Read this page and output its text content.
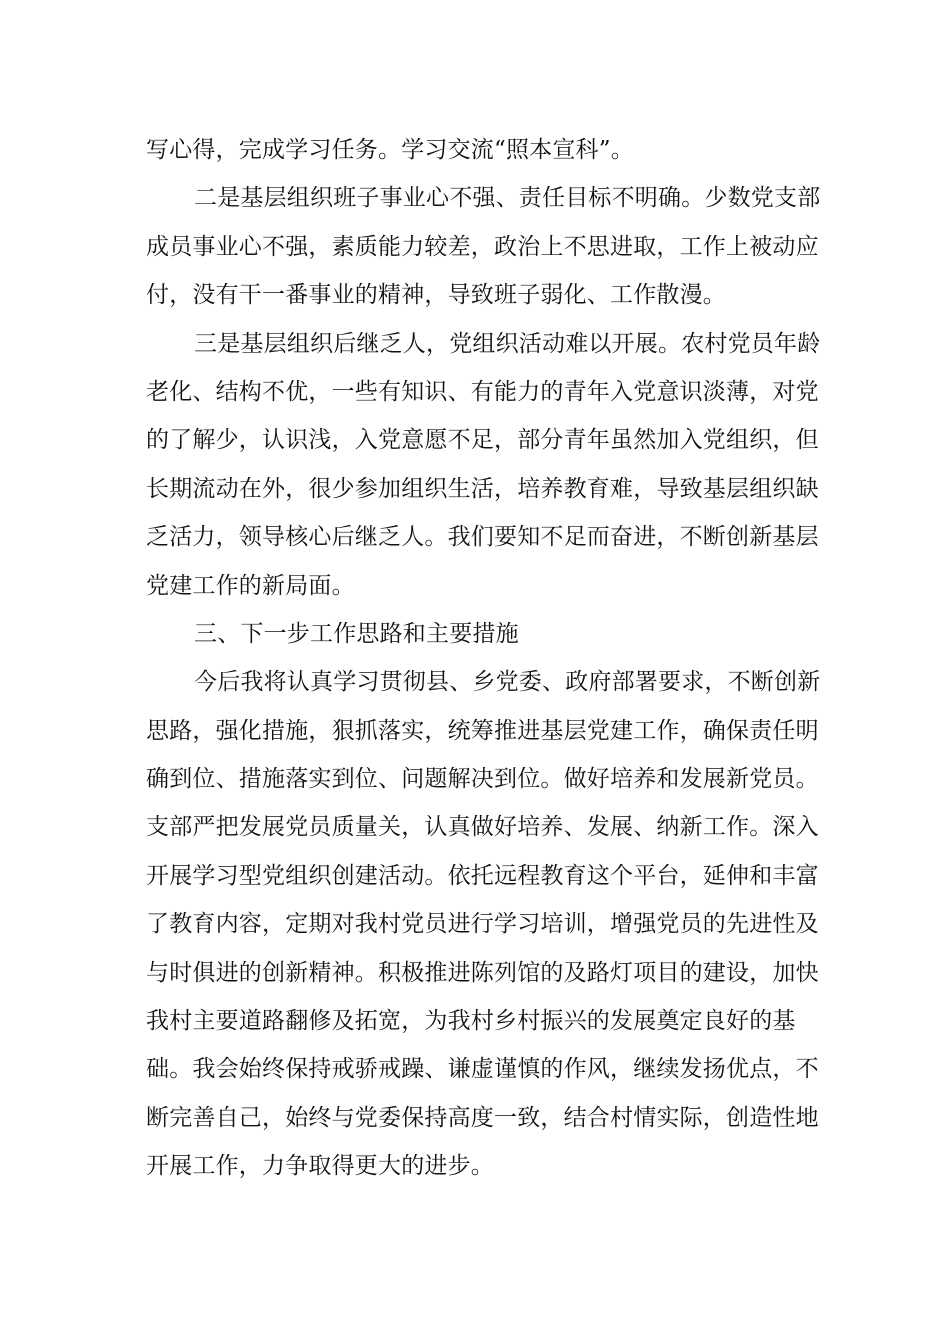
写心得，完成学习任务。学习交流“照本宣科”。
二是基层组织班子事业心不强、责任目标不明确。少数党支部
成员事业心不强，素质能力较差，政治上不思进取，工作上被动应
付，没有干一番事业的精神，导致班子弱化、工作散漫。
三是基层组织后继乏人，党组织活动难以开展。农村党员年龄
老化、结构不优，一些有知识、有能力的青年入党意识淡薄，对党
的了解少，认识浅，入党意愿不足，部分青年虽然加入党组织，但
长期流动在外，很少参加组织生活，培养教育难，导致基层组织缺
乏活力，领导核心后继乏人。我们要知不足而奋进，不断创新基层
党建工作的新局面。
三、下一步工作思路和主要措施
今后我将认真学习贯彻县、乡党委、政府部署要求，不断创新
思路，强化措施，狠抓落实，统筹推进基层党建工作，确保责任明
确到位、措施落实到位、问题解决到位。做好培养和发展新党员。
支部严把发展党员质量关，认真做好培养、发展、纳新工作。深入
开展学习型党组织创建活动。依托远程教育这个平台，延伸和丰富
了教育内容，定期对我村党员进行学习培训，增强党员的先进性及
与时俱进的创新精神。积极推进陈列馆的及路灯项目的建设，加快
我村主要道路翻修及拓宽，为我村乡村振兴的发展奠定良好的基
础。我会始终保持戒骄戒躁、谦虚谨慎的作风，继续发扬优点，不
断完善自己，始终与党委保持高度一致，结合村情实际，创造性地
开展工作，力争取得更大的进步。
